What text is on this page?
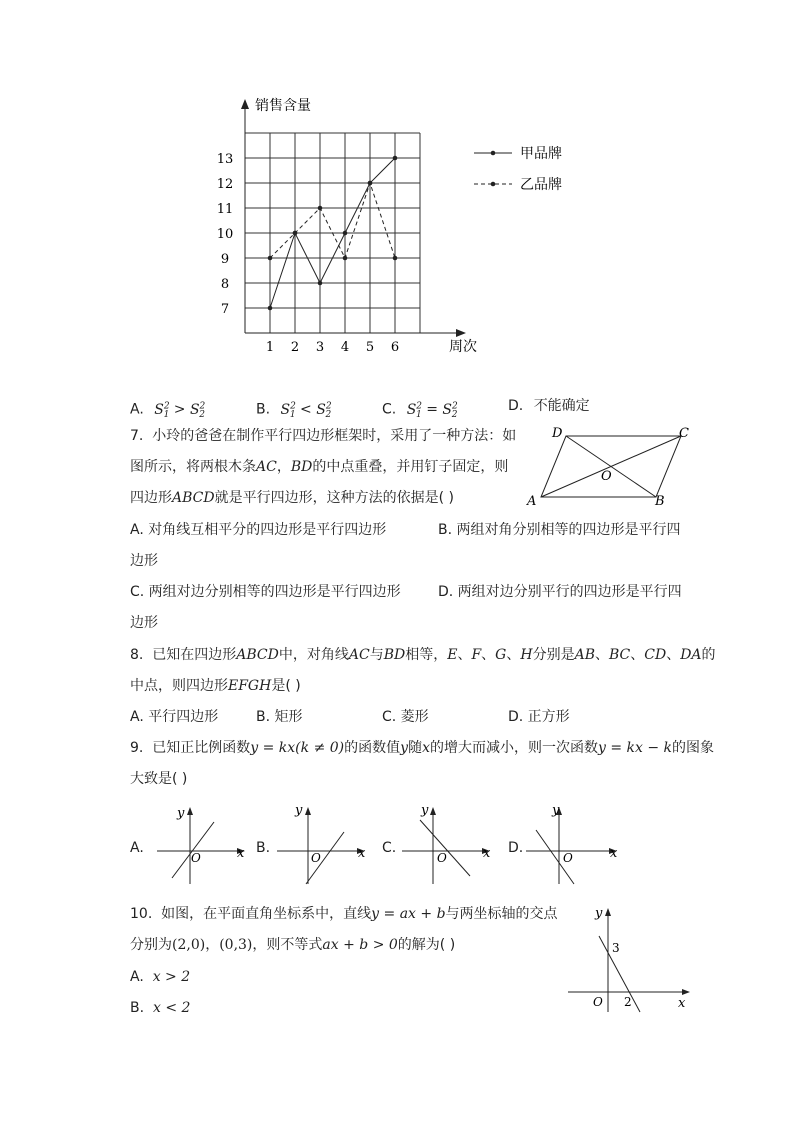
销售含量
周次
7
8
9
10
11
12
13
1 2 3 4 5 6
甲品牌
乙品牌
A. $S^2_1 > S^2_2$	B. $S^2_1 < S^2_2$	C. $S^2_1 = S^2_2$
D. 不能确定
7. 小玲的爸爸在制作平行四边形框架时，采用了一种方法：如
图所示，将两根木条AC，BD的中点重叠，并用钉子固定，则
四边形ABCD就是平行四边形，这种方法的依据是( )	A	B
C
D
O
A. 对角线互相平分的四边形是平行四边形	B. 两组对角分别相等的四边形是平行四
边形
C. 两组对边分别相等的四边形是平行四边形	D. 两组对边分别平行的四边形是平行四
边形
8. 已知在四边形ABCD中，对角线AC与BD相等，E、F、G、H分别是AB、BC、CD、DA的
中点，则四边形EFGH是( )
A. 平行四边形	B. 矩形	C. 菱形	D. 正方形
9. 已知正比例函数y = kx(k ≠ 0)的函数值y随x的增大而减小，则一次函数y = kx − k的图象
大致是( )
A.
y
x
O
B.
y
x
O
C.
y
x
O
D.
y
x
O
10. 如图，在平面直角坐标系中，直线y = ax + b与两坐标轴的交点
分别为(2,0)，(0,3)，则不等式ax + b > 0的解为( )
A. x > 2
B. x < 2
y
x
O
3
2
